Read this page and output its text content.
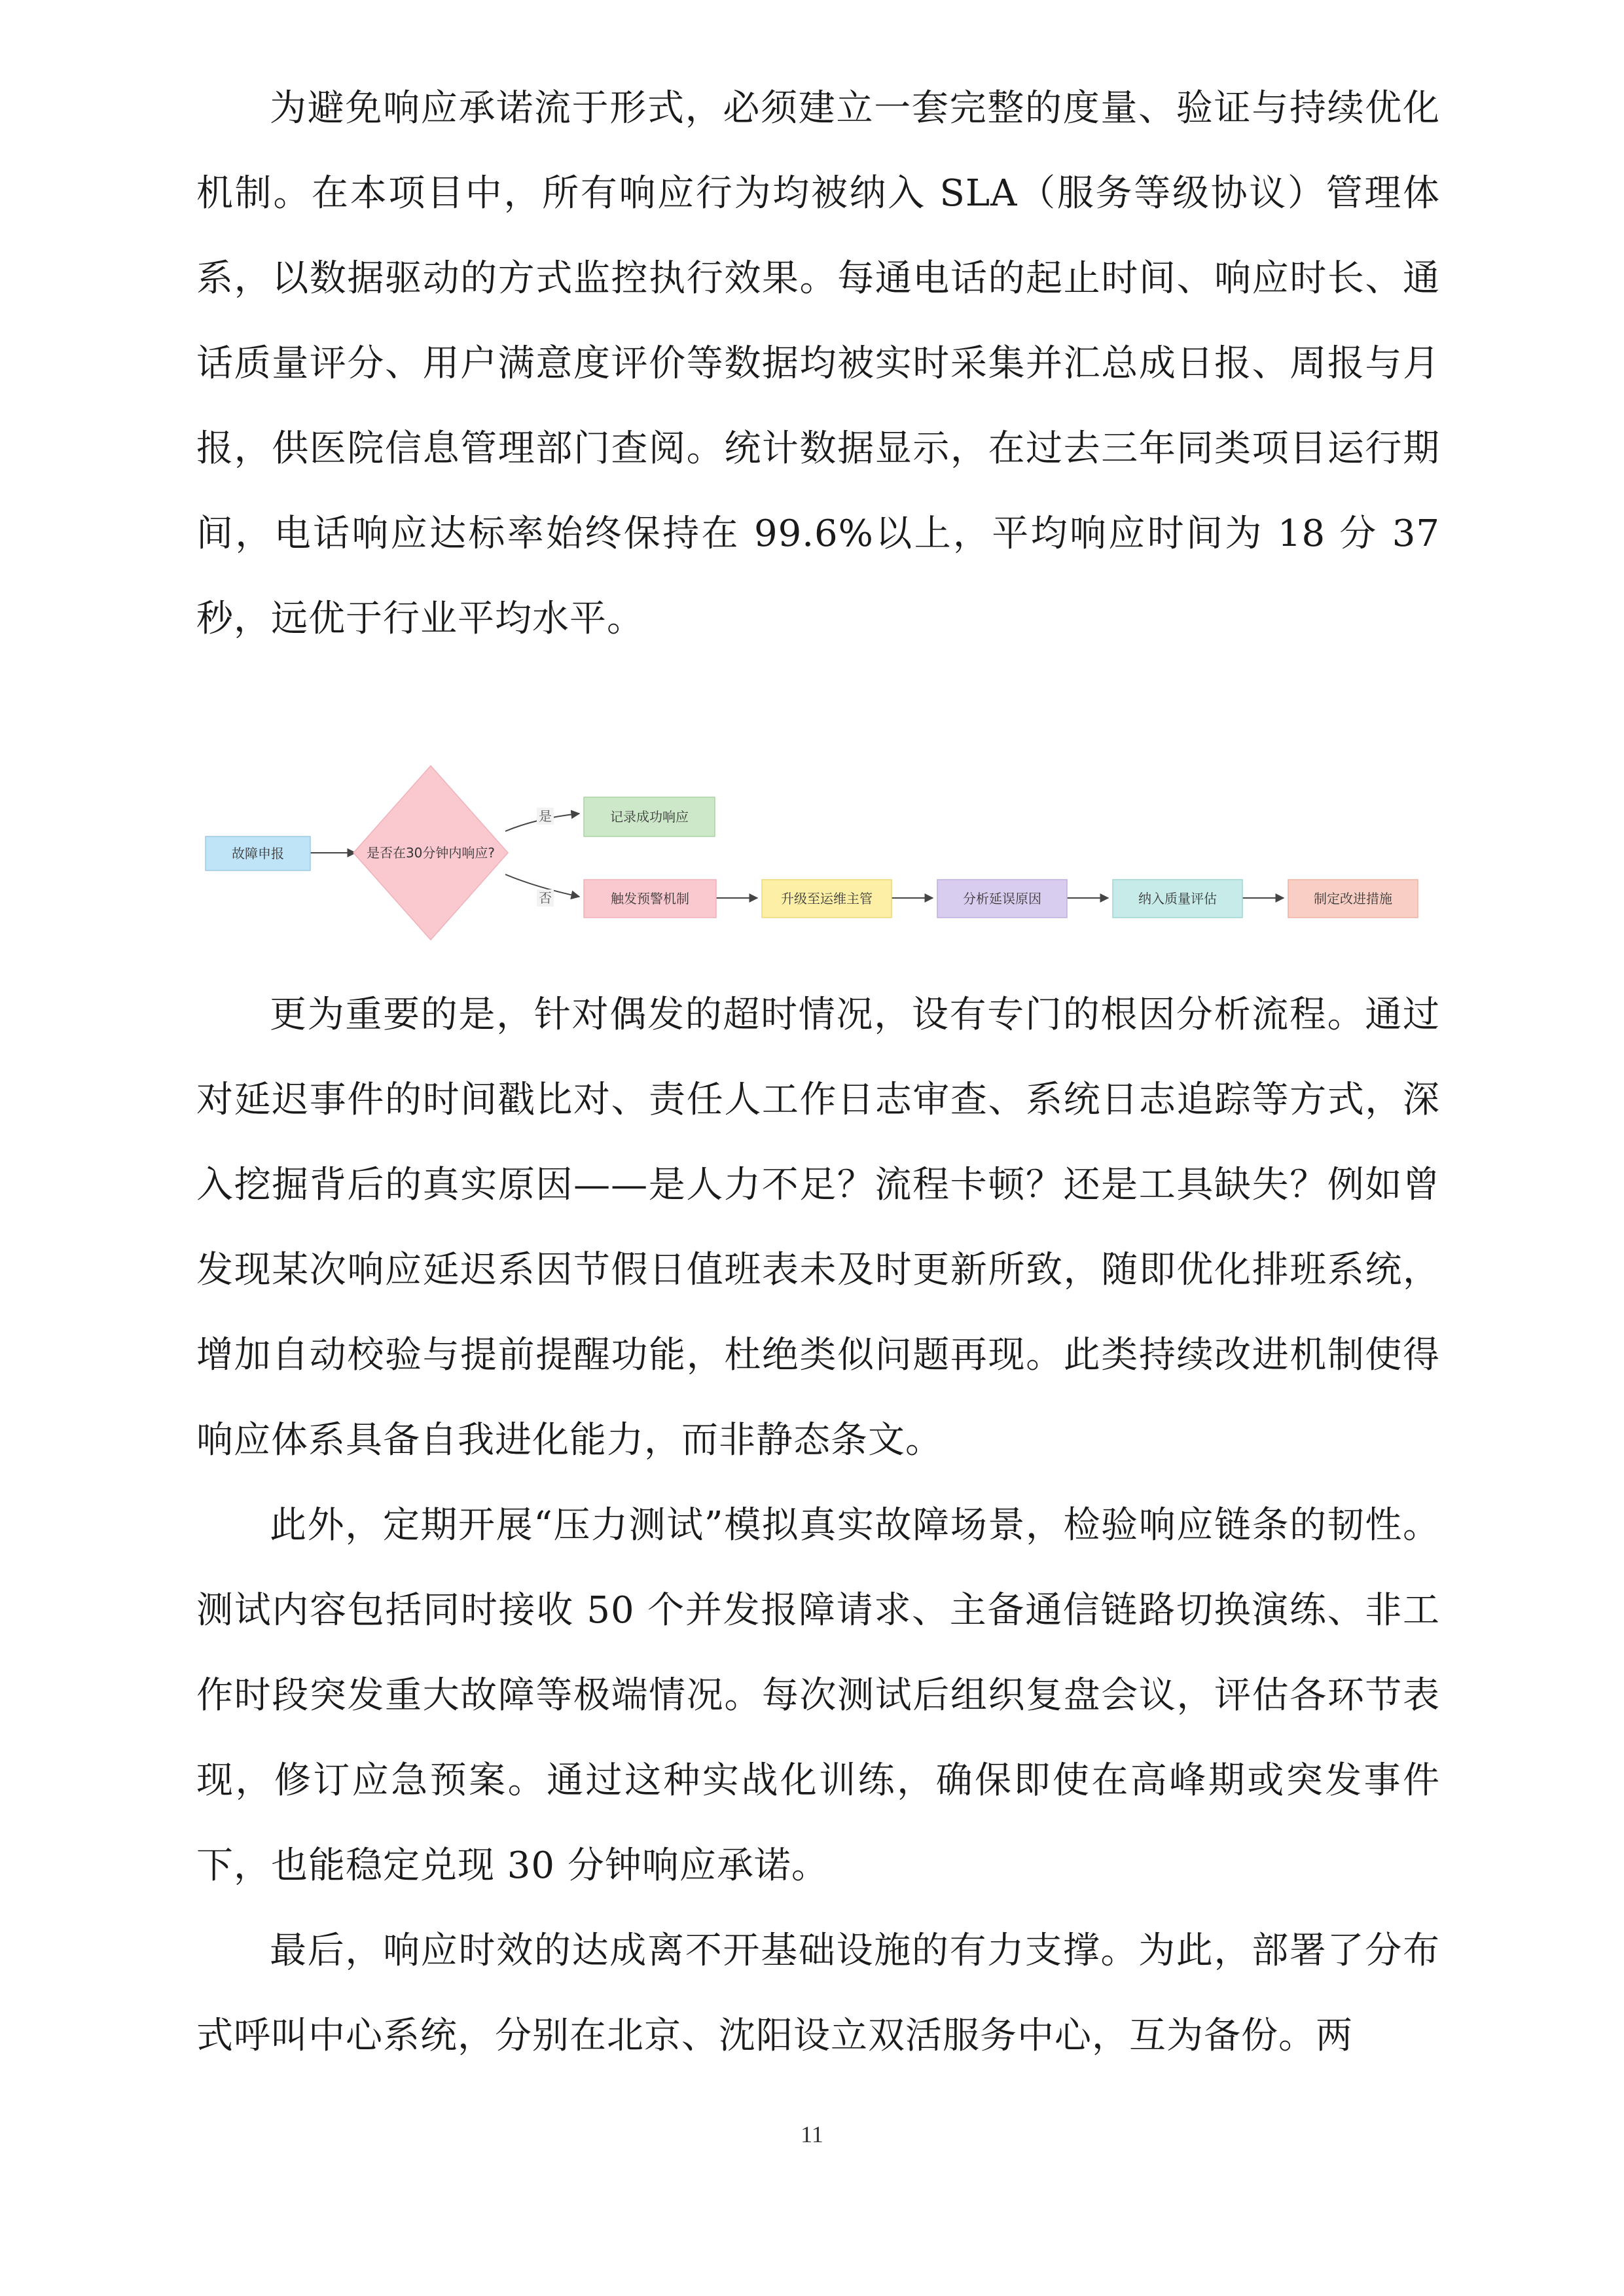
为避免响应承诺流于形式，必须建立一套完整的度量、验证与持续优化机制。在本项目中，所有响应行为均被纳入 SLA（服务等级协议）管理体系，以数据驱动的方式监控执行效果。每通电话的起止时间、响应时长、通话质量评分、用户满意度评价等数据均被实时采集并汇总成日报、周报与月报，供医院信息管理部门查阅。统计数据显示，在过去三年同类项目运行期间，电话响应达标率始终保持在 99.6%以上，平均响应时间为 18 分 37 秒，远优于行业平均水平。

是
否
故障申报	是否在30分钟内响应?
记录成功响应
触发预警机制	升级至运维主管	分析延误原因	纳入质量评估	制定改进措施

更为重要的是，针对偶发的超时情况，设有专门的根因分析流程。通过对延迟事件的时间戳比对、责任人工作日志审查、系统日志追踪等方式，深入挖掘背后的真实原因——是人力不足？流程卡顿？还是工具缺失？例如曾发现某次响应延迟系因节假日值班表未及时更新所致，随即优化排班系统，增加自动校验与提前提醒功能，杜绝类似问题再现。此类持续改进机制使得响应体系具备自我进化能力，而非静态条文。

此外，定期开展“压力测试”模拟真实故障场景，检验响应链条的韧性。测试内容包括同时接收 50 个并发报障请求、主备通信链路切换演练、非工作时段突发重大故障等极端情况。每次测试后组织复盘会议，评估各环节表现，修订应急预案。通过这种实战化训练，确保即使在高峰期或突发事件下，也能稳定兑现 30 分钟响应承诺。

最后，响应时效的达成离不开基础设施的有力支撑。为此，部署了分布式呼叫中心系统，分别在北京、沈阳设立双活服务中心，互为备份。两

11
